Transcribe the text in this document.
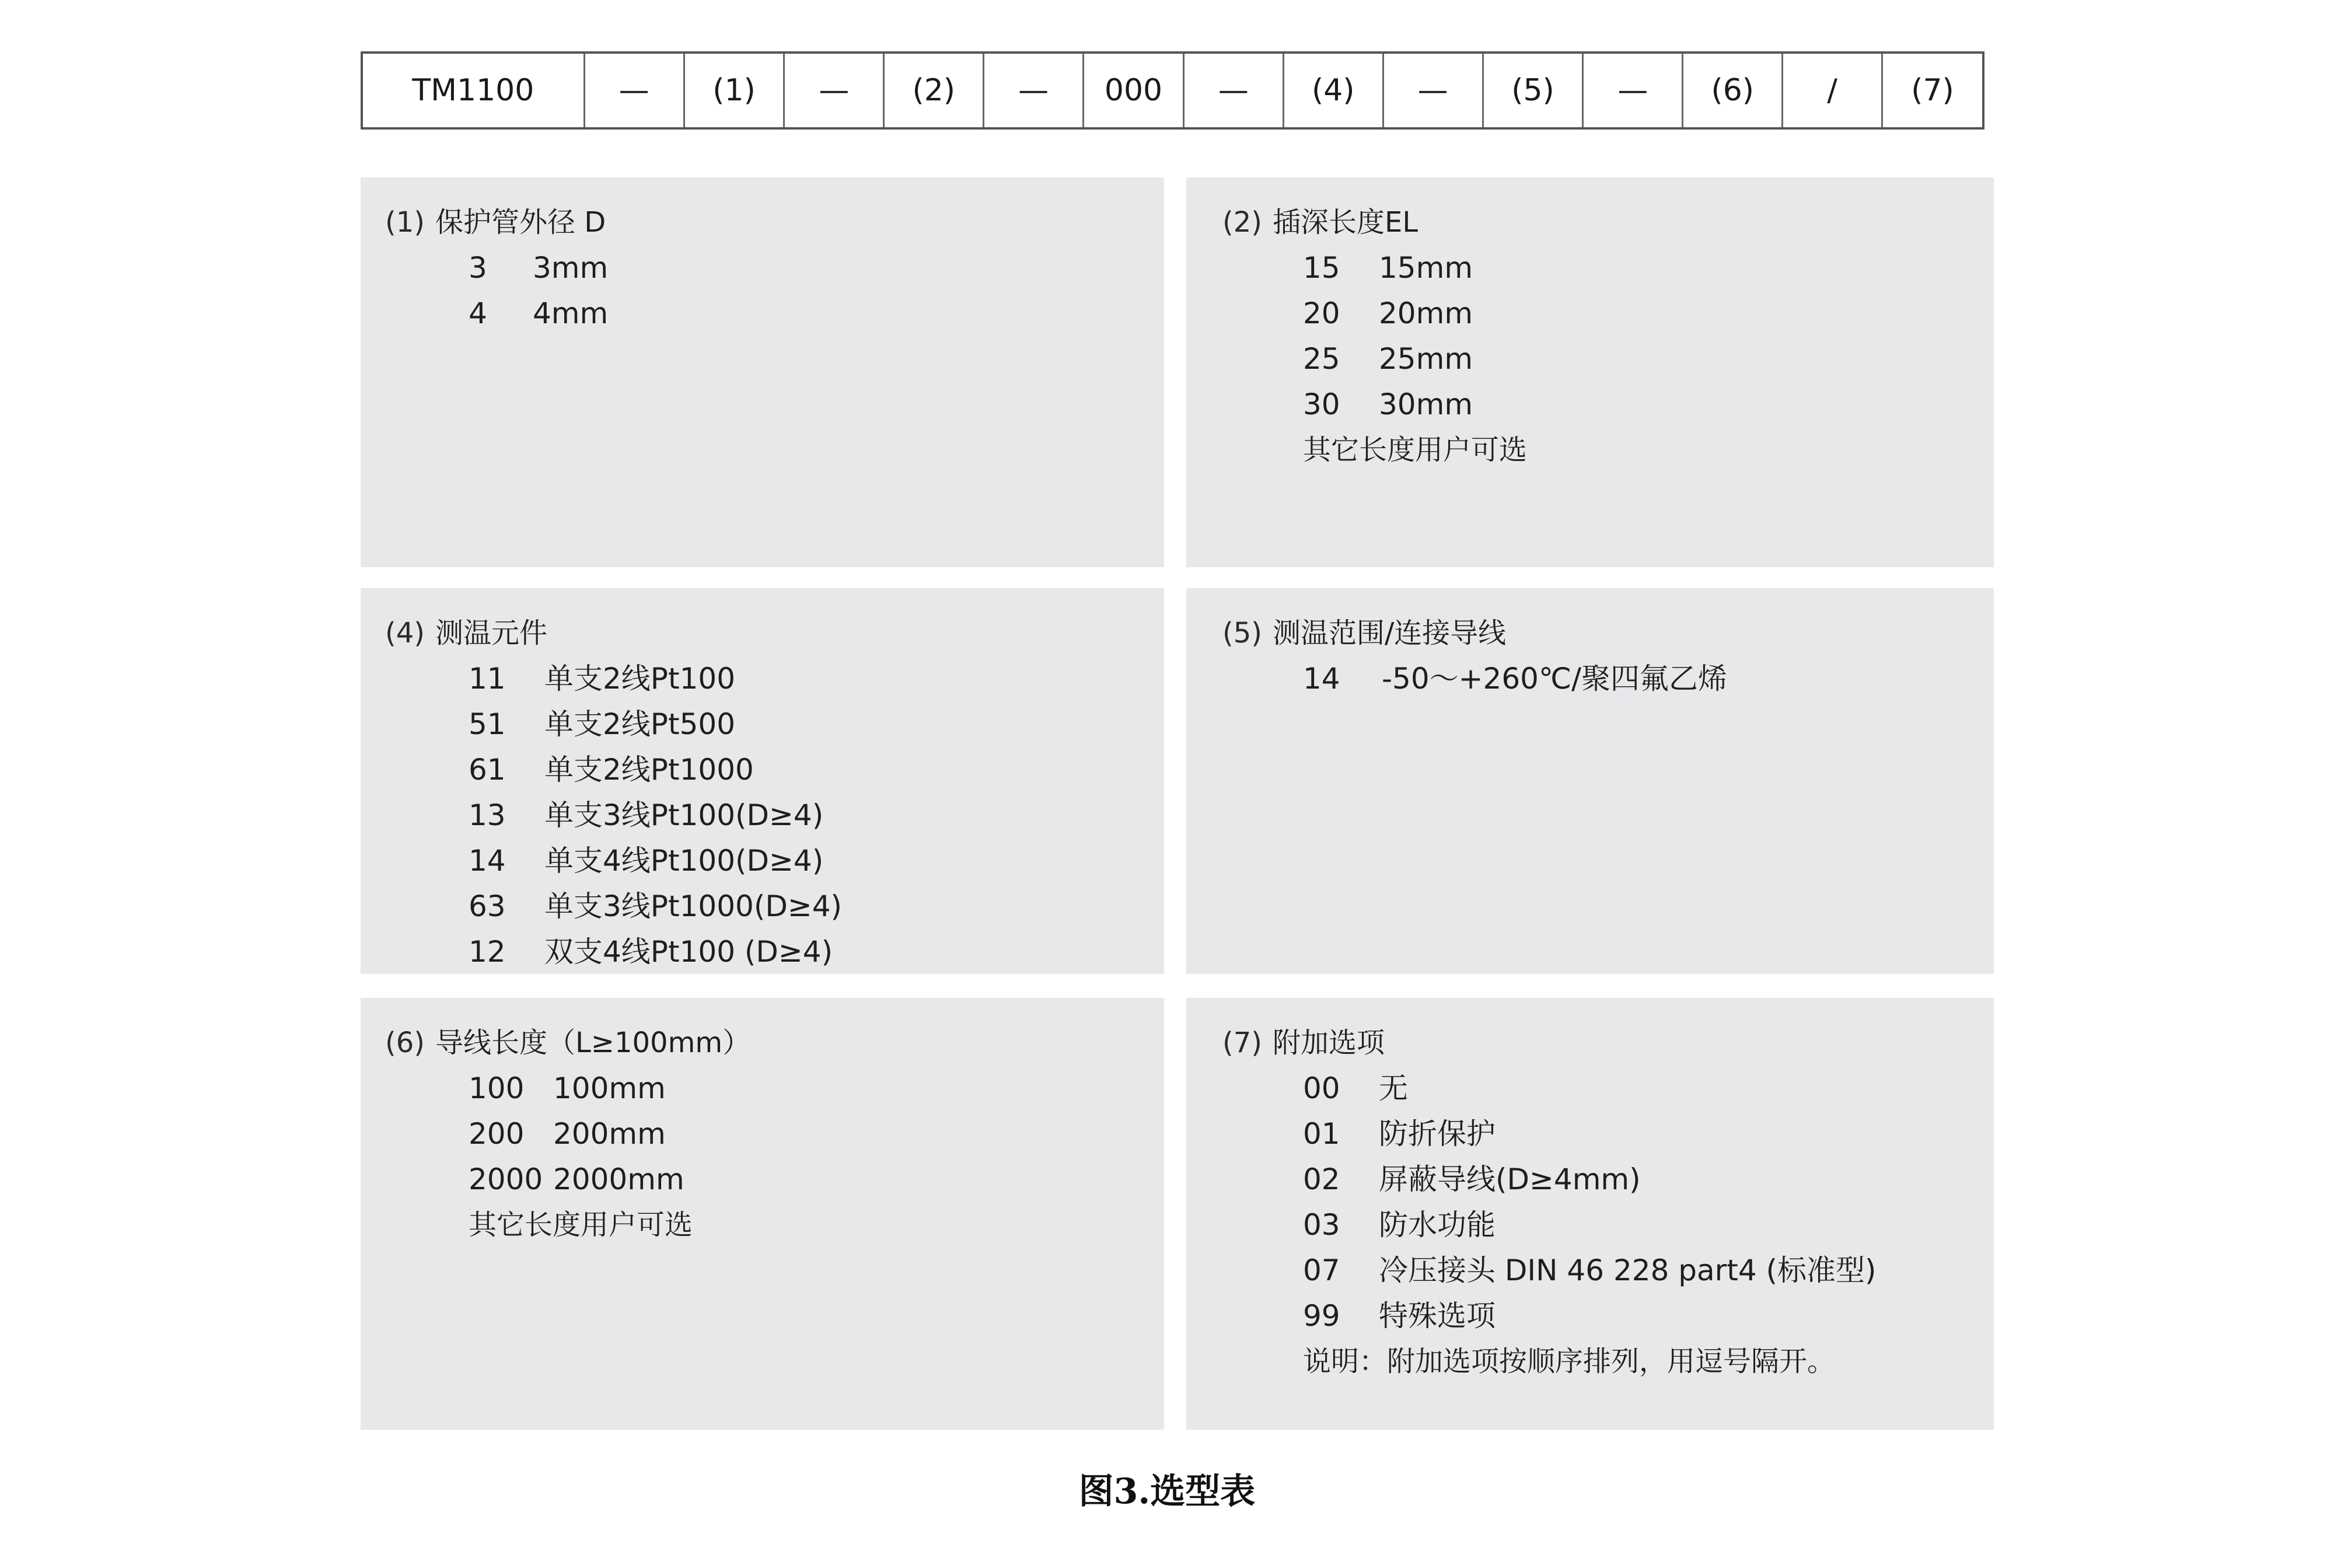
TM1100	—	(1)	—	(2)	—	000	—	(4)	—	(5)	—	(6)	/	(7)
(1) 保护管外径 D
3	3mm
4	4mm
(2) 插深长度EL
15	15mm
20	20mm
25	25mm
30	30mm
其它长度用户可选
(4) 测温元件
11	单支2线Pt100
51	单支2线Pt500
61	单支2线Pt1000
13	单支3线Pt100(D≥4)
14	单支4线Pt100(D≥4)
63	单支3线Pt1000(D≥4)
12	双支4线Pt100 (D≥4)
(5) 测温范围/连接导线
14	-50～+260℃/聚四氟乙烯
(6) 导线长度（L≥100mm）
100 100mm
200 200mm
2000 2000mm
其它长度用户可选
(7) 附加选项
00	无
01	防折保护
02	屏蔽导线(D≥4mm)
03	防水功能
07	冷压接头 DIN 46 228 part4 (标准型)
99	特殊选项
说明：附加选项按顺序排列，用逗号隔开。
图3.选型表
